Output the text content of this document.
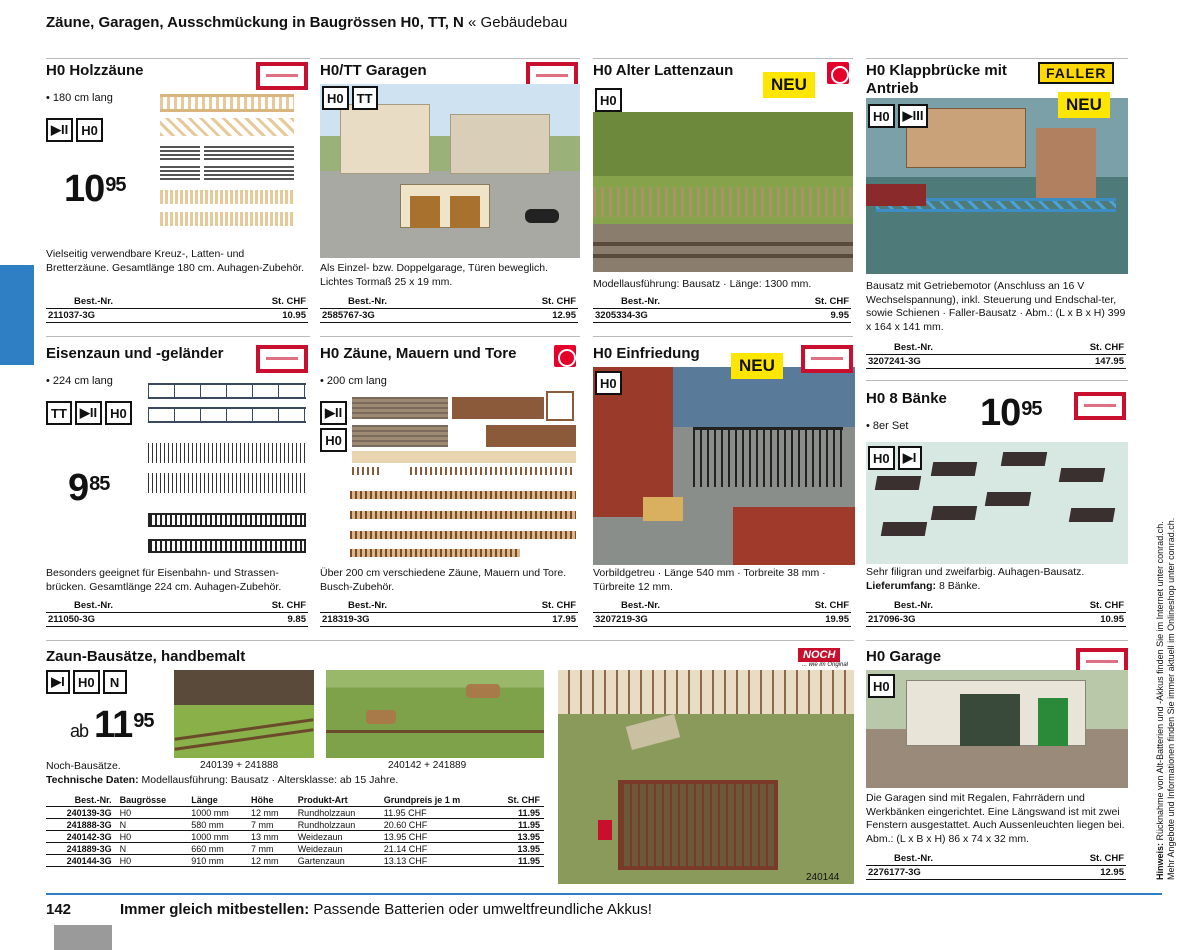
Zäune, Garagen, Ausschmückung in Baugrössen H0, TT, N « Gebäudebau
H0 Holzzäune
• 180 cm lang
▶II	H0
$10^{95}$
Vielseitig verwendbare Kreuz-, Latten- und Bretterzäune. Gesamtlänge 180 cm. Auhagen-Zubehör.
Best.-Nr.	St. CHF
211037-3G	10.95
H0/TT Garagen
H0	TT
Als Einzel- bzw. Doppelgarage, Türen beweglich. Lichtes Tormaß 25 x 19 mm.
Best.-Nr.	St. CHF
2585767-3G	12.95
H0 Alter Lattenzaun
NEU
H0
Modellausführung: Bausatz · Länge: 1300 mm.
Best.-Nr.	St. CHF
3205334-3G	9.95
H0 Klappbrücke mit
Antrieb
FALLER
NEU
H0	▶III
Bausatz mit Getriebemotor (Anschluss an 16 V Wechselspannung), inkl. Steuerung und Endschal-ter, sowie Schienen · Faller-Bausatz · Abm.: (L x B x H) 399 x 164 x 141 mm.
Best.-Nr.	St. CHF
3207241-3G	147.95
Eisenzaun und -geländer
• 224 cm lang
TT	▶II	H0
$9^{85}$
Besonders geeignet für Eisenbahn- und Strassen-brücken. Gesamtlänge 224 cm. Auhagen-Zubehör.
Best.-Nr.	St. CHF
211050-3G	9.85
H0 Zäune, Mauern und Tore
• 200 cm lang
▶II
H0
Über 200 cm verschiedene Zäune, Mauern und Tore. Busch-Zubehör.
Best.-Nr.	St. CHF
218319-3G	17.95
H0 Einfriedung
NEU
H0
Vorbildgetreu · Länge 540 mm · Torbreite 38 mm · Türbreite 12 mm.
Best.-Nr.	St. CHF
3207219-3G	19.95
H0 8 Bänke
• 8er Set $10^{95}$
H0	▶I
Sehr filigran und zweifarbig. Auhagen-Bausatz.
Lieferumfang: 8 Bänke.
Best.-Nr.	St. CHF
217096-3G	10.95
Zaun-Bausätze, handbemalt	NOCH
... wie im Original
▶I	H0	N
ab $11^{95}$
240139 + 241888	240142 + 241889
240144
Noch-Bausätze.
Technische Daten: Modellausführung: Bausatz · Altersklasse: ab 15 Jahre.
Best.-Nr.	Baugrösse	Länge	Höhe	Produkt-Art	Grundpreis je 1 m	St. CHF
240139-3G	H0	1000 mm	12 mm	Rundholzzaun	11.95 CHF	11.95
241888-3G	N	580 mm	7 mm	Rundholzzaun	20.60 CHF	11.95
240142-3G	H0	1000 mm	13 mm	Weidezaun	13.95 CHF	13.95
241889-3G	N	660 mm	7 mm	Weidezaun	21.14 CHF	13.95
240144-3G	H0	910 mm	12 mm	Gartenzaun	13.13 CHF	11.95
H0 Garage
H0
Die Garagen sind mit Regalen, Fahrrädern und Werkbänken eingerichtet. Eine Längswand ist mit zwei Fenstern ausgestattet. Auch Aussenleuchten liegen bei. Abm.: (L x B x H) 86 x 74 x 32 mm.
Best.-Nr.	St. CHF
2276177-3G	12.95	Hinweis: Rücknahme von Alt-Batterien und -Akkus finden Sie im Internet unter conrad.ch.
Mehr Angebote und Informationen finden Sie immer aktuell im Onlineshop unter conrad.ch.
142	Immer gleich mitbestellen: Passende Batterien oder umweltfreundliche Akkus!
